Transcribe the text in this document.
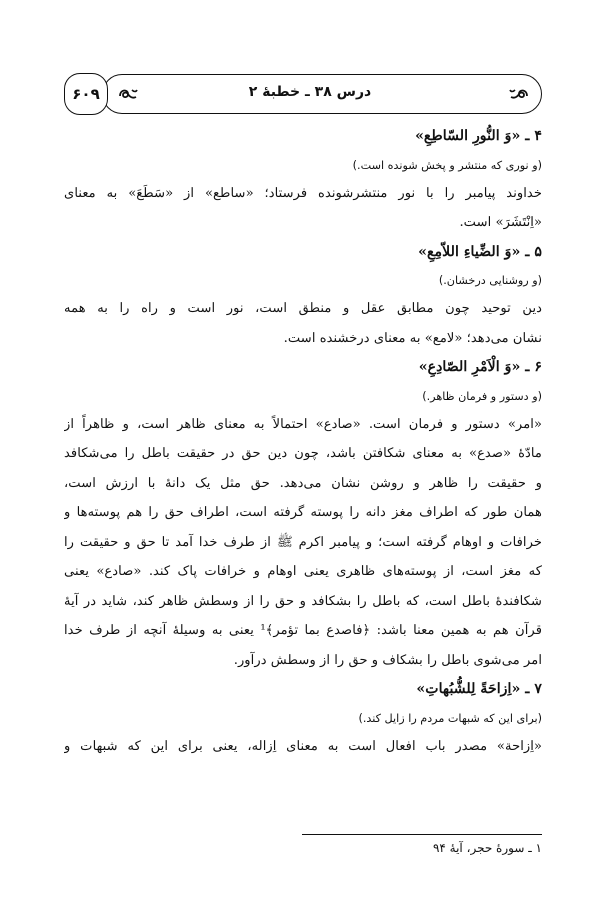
درس ۳۸ ـ خطبهٔ ۲
۶۰۹
۴ ـ «وَ النُّورِ السّاطِعِ»
(و نوری که منتشر و پخش شونده است.)
خداوند پیامبر را با نور منتشرشونده فرستاد؛ «ساطع» از «سَطَعَ» به معنای
«اِنْتَشَرَ» است.
۵ ـ «وَ الضِّیاءِ اللاّمِعِ»
(و روشنایی درخشان.)
دین توحید چون مطابق عقل و منطق است، نور است و راه را به همه
نشان می‌دهد؛ «لامع» به معنای درخشنده است.
۶ ـ «وَ الْاَمْرِ الصّادِعِ»
(و دستور و فرمان ظاهر.)
«امر» دستور و فرمان است. «صادع» احتمالاً به معنای ظاهر است، و ظاهراً از
مادّهٔ «صدع» به معنای شکافتن باشد، چون دین حق در حقیقت باطل را می‌شکافد
و حقیقت را ظاهر و روشن نشان می‌دهد. حق مثل یک دانهٔ با ارزش است،
همان طور که اطراف مغز دانه را پوسته گرفته است، اطراف حق را هم پوسته‌ها و
خرافات و اوهام گرفته است؛ و پیامبر اکرم ﷺ از طرف خدا آمد تا حق و حقیقت را
که مغز است، از پوسته‌های ظاهری یعنی اوهام و خرافات پاک کند. «صادع» یعنی
شکافندهٔ باطل است، که باطل را بشکافد و حق را از وسطش ظاهر کند، شاید در آیهٔ
قرآن هم به همین معنا باشد: ﴿فاصدع بما تؤمر﴾¹ یعنی به وسیلهٔ آنچه از طرف خدا
امر می‌شوی باطل را بشکاف و حق را از وسطش درآور.
۷ ـ «اِزاحَةً لِلشُّبُهاتِ»
(برای این که شبهات مردم را زایل کند.)
«اِزاحة» مصدر باب افعال است به معنای اِزاله، یعنی برای این که شبهات و
۱ ـ سورهٔ حجر، آیهٔ ۹۴
